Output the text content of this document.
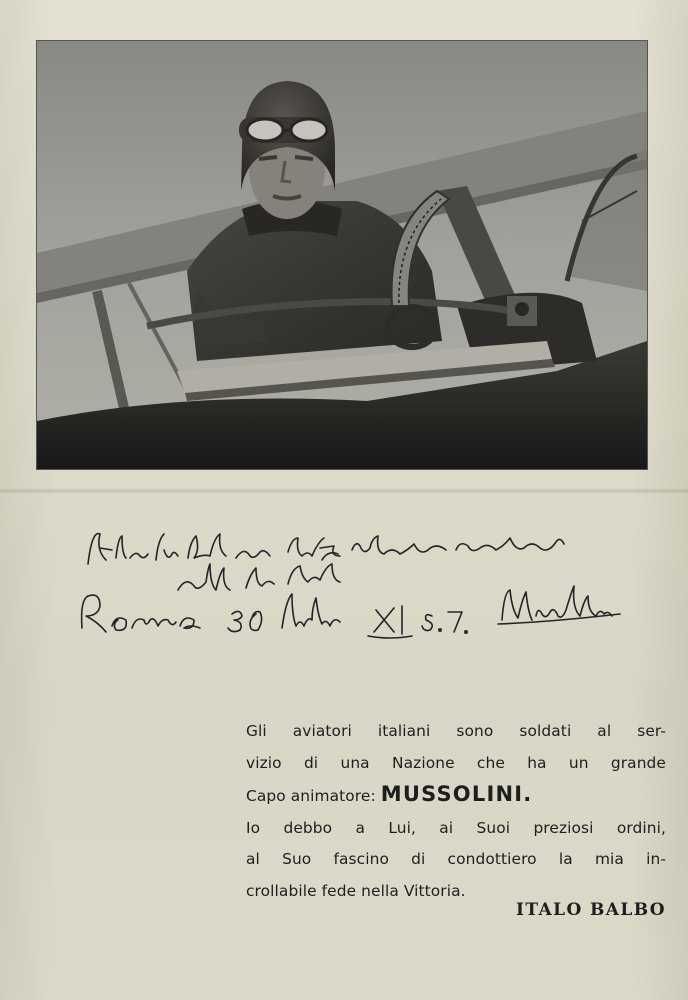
Gli aviatori italiani sono soldati al ser-
vizio di una Nazione che ha un grande
Capo animatore: MUSSOLINI.
Io debbo a Lui, ai Suoi preziosi ordini,
al Suo fascino di condottiero la mia in-
crollabile fede nella Vittoria.
ITALO BALBO
